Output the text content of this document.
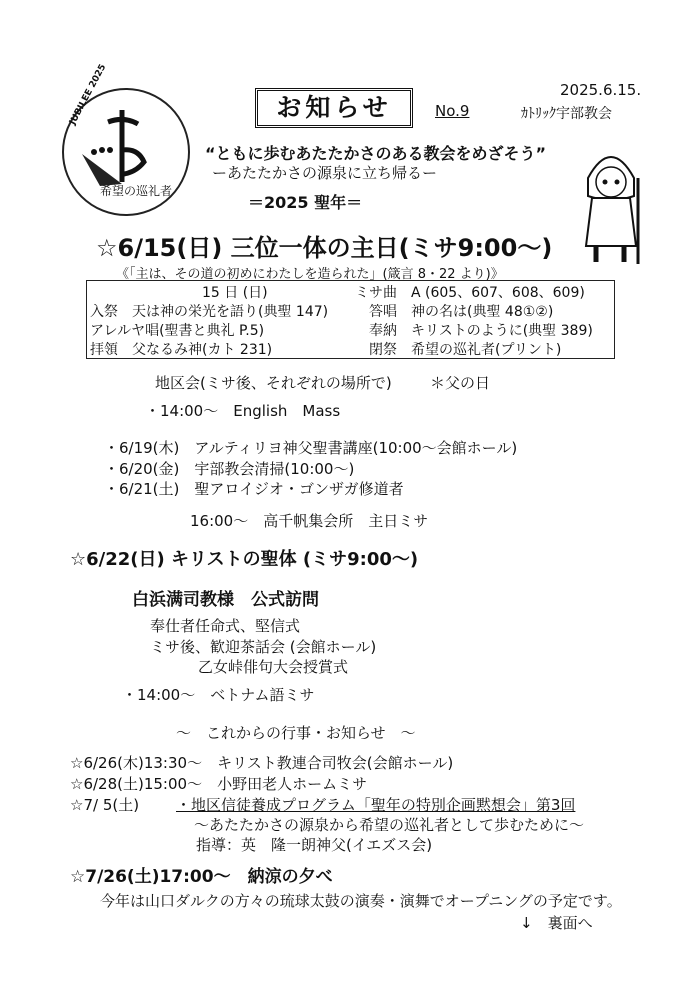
JUBILEE 2025
希望の巡礼者
お知らせ	No.9
2025.6.15.
ｶﾄﾘｯｸ宇部教会
“ともに歩むあたたかさのある教会をめざそう”
ーあたたかさの源泉に立ち帰るー
＝2025 聖年＝
☆6/15(日) 三位一体の主日(ミサ9:00～)
《「主は、その道の初めにわたしを造られた」(箴言 8・22 より)》
15 日 (日)	ミサ曲　A (605、607、608、609)
入祭　天は神の栄光を語り(典聖 147)	答唱　神の名は(典聖 48①②)
アレルヤ唱(聖書と典礼 P.5)	奉納　キリストのように(典聖 389)
拝領　父なるみ神(カト 231)	閉祭　希望の巡礼者(プリント)
地区会(ミサ後、それぞれの場所で)	＊父の日
・14:00～　English　Mass
・6/19(木)　アルティリヨ神父聖書講座(10:00～会館ホール)
・6/20(金)　宇部教会清掃(10:00～)
・6/21(土)　聖アロイジオ・ゴンザガ修道者
16:00～　高千帆集会所　主日ミサ
☆6/22(日) キリストの聖体 (ミサ9:00～)
白浜满司教様　公式訪問
奉仕者任命式、堅信式
ミサ後、歓迎茶話会 (会館ホール)
乙女峠俳句大会授賞式
・14:00～　ベトナム語ミサ
～　これからの行事・お知らせ　～
☆6/26(木)13:30～　キリスト教連合司牧会(会館ホール)
☆6/28(土)15:00～　小野田老人ホームミサ
☆7/ 5(土) ・地区信徒養成プログラム「聖年の特別企画黙想会」第3回
～あたたかさの源泉から希望の巡礼者として歩むために～
指導：英　隆一朗神父(イエズス会)
☆7/26(土)17:00～　納涼の夕べ
今年は山口ダルクの方々の琉球太鼓の演奏・演舞でオープニングの予定です。
↓　裏面へ
